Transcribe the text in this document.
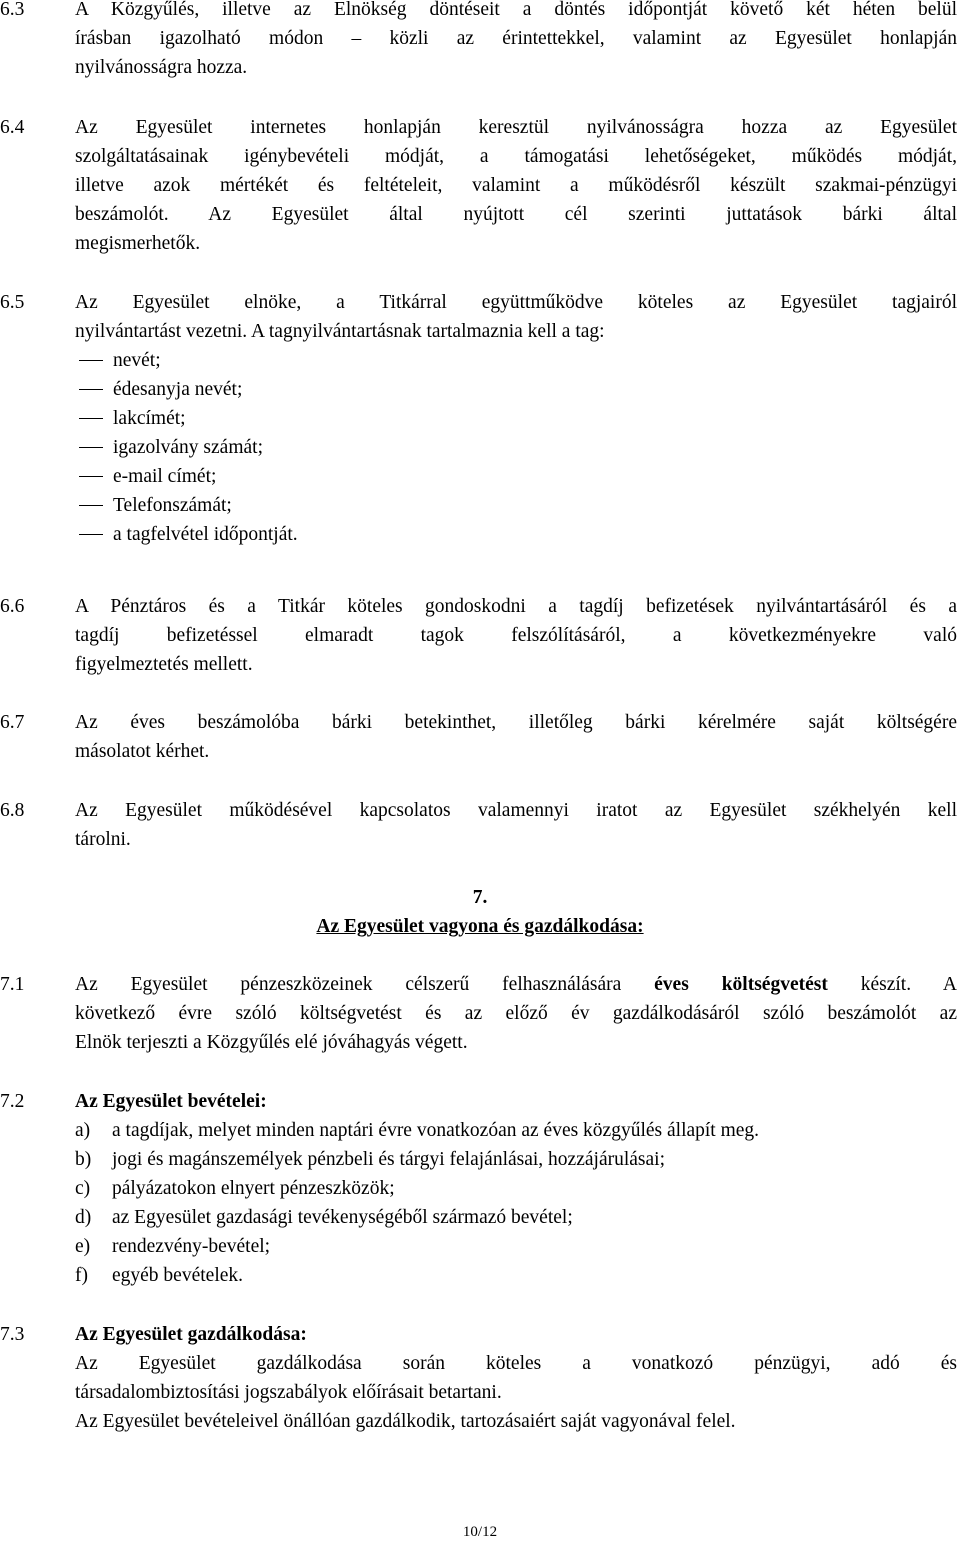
6.3	A Közgyűlés, illetve az Elnökség döntéseit a döntés időpontját követő két héten belül
írásban igazolható módon – közli az érintettekkel, valamint az Egyesület honlapján
nyilvánosságra hozza.
6.4	Az Egyesület internetes honlapján keresztül nyilvánosságra hozza az Egyesület
szolgáltatásainak igénybevételi módját, a támogatási lehetőségeket, működés módját,
illetve azok mértékét és feltételeit, valamint a működésről készült szakmai-pénzügyi
beszámolót. Az Egyesület által nyújtott cél szerinti juttatások bárki által
megismerhetők.
6.5	Az Egyesület elnöke, a Titkárral együttműködve köteles az Egyesület tagjairól
nyilvántartást vezetni. A tagnyilvántartásnak tartalmaznia kell a tag:
nevét;
édesanyja nevét;
lakcímét;
igazolvány számát;
e-mail címét;
Telefonszámát;
a tagfelvétel időpontját.
6.6	A Pénztáros és a Titkár köteles gondoskodni a tagdíj befizetések nyilvántartásáról és a
tagdíj befizetéssel elmaradt tagok felszólításáról, a következményekre való
figyelmeztetés mellett.
6.7	Az éves beszámolóba bárki betekinthet, illetőleg bárki kérelmére saját költségére
másolatot kérhet.
6.8	Az Egyesület működésével kapcsolatos valamennyi iratot az Egyesület székhelyén kell
tárolni.
7.
Az Egyesület vagyona és gazdálkodása:
7.1	Az Egyesület pénzeszközeinek célszerű felhasználására éves költségvetést készít. A
következő évre szóló költségvetést és az előző év gazdálkodásáról szóló beszámolót az
Elnök terjeszti a Közgyűlés elé jóváhagyás végett.
7.2	Az Egyesület bevételei:
a) a tagdíjak, melyet minden naptári évre vonatkozóan az éves közgyűlés állapít meg.
b) jogi és magánszemélyek pénzbeli és tárgyi felajánlásai, hozzájárulásai;
c) pályázatokon elnyert pénzeszközök;
d) az Egyesület gazdasági tevékenységéből származó bevétel;
e) rendezvény-bevétel;
f) egyéb bevételek.
7.3	Az Egyesület gazdálkodása:
Az Egyesület gazdálkodása során köteles a vonatkozó pénzügyi, adó és
társadalombiztosítási jogszabályok előírásait betartani.
Az Egyesület bevételeivel önállóan gazdálkodik, tartozásaiért saját vagyonával felel.
10/12
